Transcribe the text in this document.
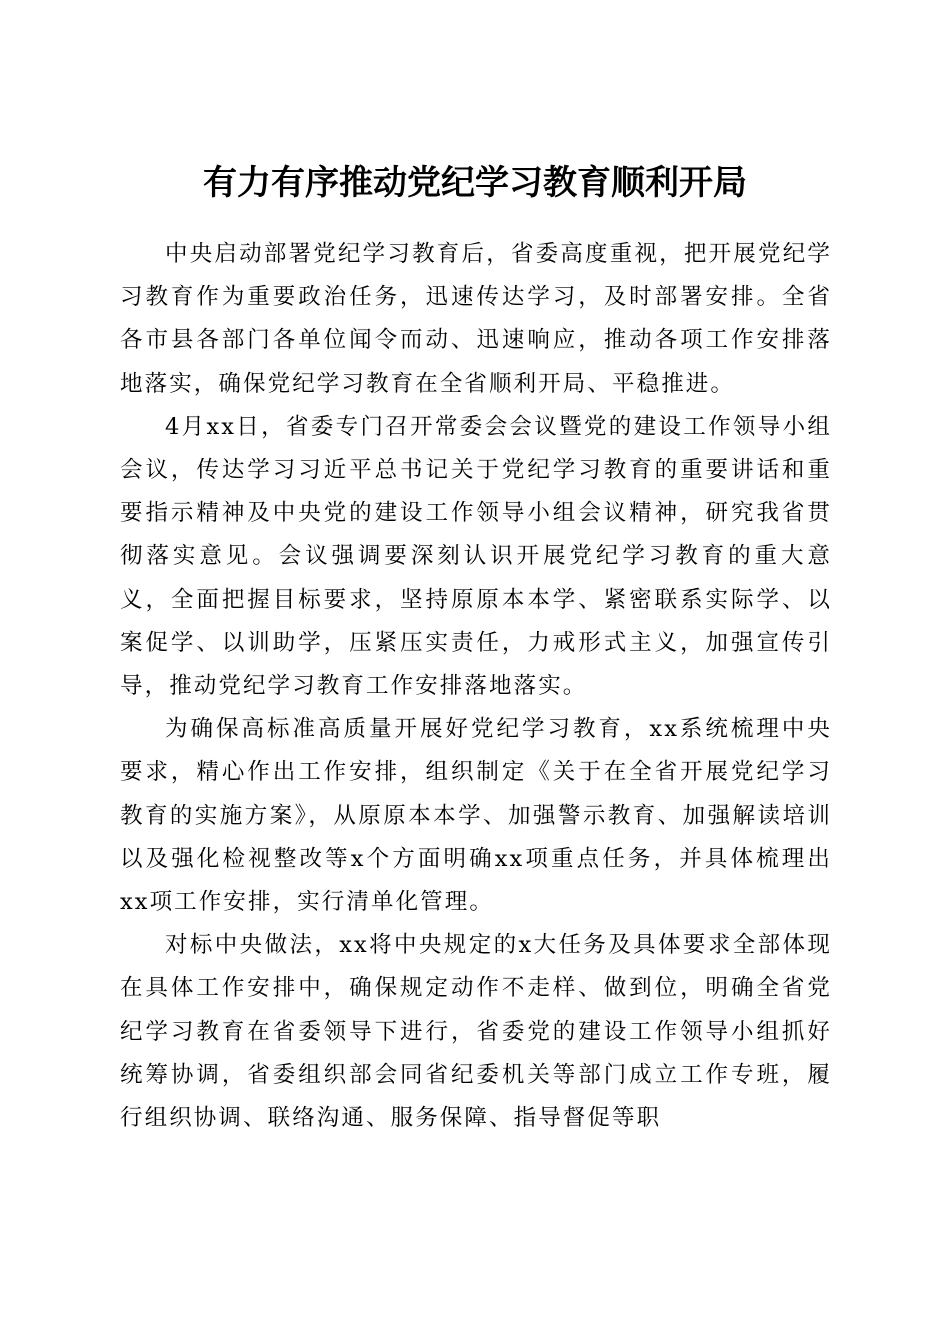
有力有序推动党纪学习教育顺利开局

中央启动部署党纪学习教育后，省委高度重视，把开展党纪学习教育作为重要政治任务，迅速传达学习，及时部署安排。全省各市县各部门各单位闻令而动、迅速响应，推动各项工作安排落地落实，确保党纪学习教育在全省顺利开局、平稳推进。

4月xx日，省委专门召开常委会会议暨党的建设工作领导小组会议，传达学习习近平总书记关于党纪学习教育的重要讲话和重要指示精神及中央党的建设工作领导小组会议精神，研究我省贯彻落实意见。会议强调要深刻认识开展党纪学习教育的重大意义，全面把握目标要求，坚持原原本本学、紧密联系实际学、以案促学、以训助学，压紧压实责任，力戒形式主义，加强宣传引导，推动党纪学习教育工作安排落地落实。

为确保高标准高质量开展好党纪学习教育，xx系统梳理中央要求，精心作出工作安排，组织制定《关于在全省开展党纪学习教育的实施方案》，从原原本本学、加强警示教育、加强解读培训以及强化检视整改等x个方面明确xx项重点任务，并具体梳理出xx项工作安排，实行清单化管理。

对标中央做法，xx将中央规定的x大任务及具体要求全部体现在具体工作安排中，确保规定动作不走样、做到位，明确全省党纪学习教育在省委领导下进行，省委党的建设工作领导小组抓好统筹协调，省委组织部会同省纪委机关等部门成立工作专班，履行组织协调、联络沟通、服务保障、指导督促等职
